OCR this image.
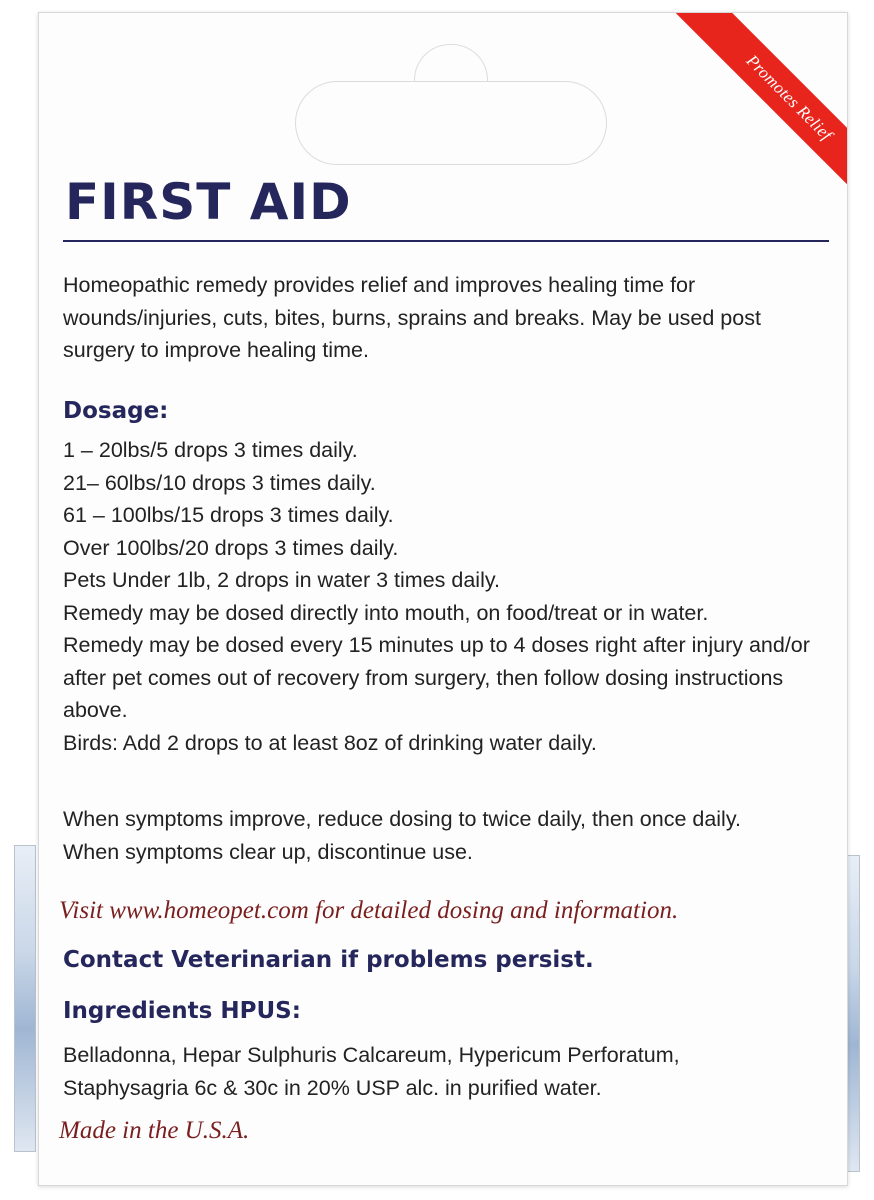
Promotes Relief
FIRST AID

Homeopathic remedy provides relief and improves healing time for wounds/injuries, cuts, bites, burns, sprains and breaks. May be used post surgery to improve healing time.

Dosage:
1 – 20lbs/5 drops 3 times daily.
21– 60lbs/10 drops 3 times daily.
61 – 100lbs/15 drops 3 times daily.
Over 100lbs/20 drops 3 times daily.
Pets Under 1lb, 2 drops in water 3 times daily.
Remedy may be dosed directly into mouth, on food/treat or in water.
Remedy may be dosed every 15 minutes up to 4 doses right after injury and/or after pet comes out of recovery from surgery, then follow dosing instructions above.
Birds: Add 2 drops to at least 8oz of drinking water daily.
When symptoms improve, reduce dosing to twice daily, then once daily.
When symptoms clear up, discontinue use.

Visit www.homeopet.com for detailed dosing and information.

Contact Veterinarian if problems persist.

Ingredients HPUS:

Belladonna, Hepar Sulphuris Calcareum, Hypericum Perforatum, Staphysagria 6c & 30c in 20% USP alc. in purified water.

Made in the U.S.A.
